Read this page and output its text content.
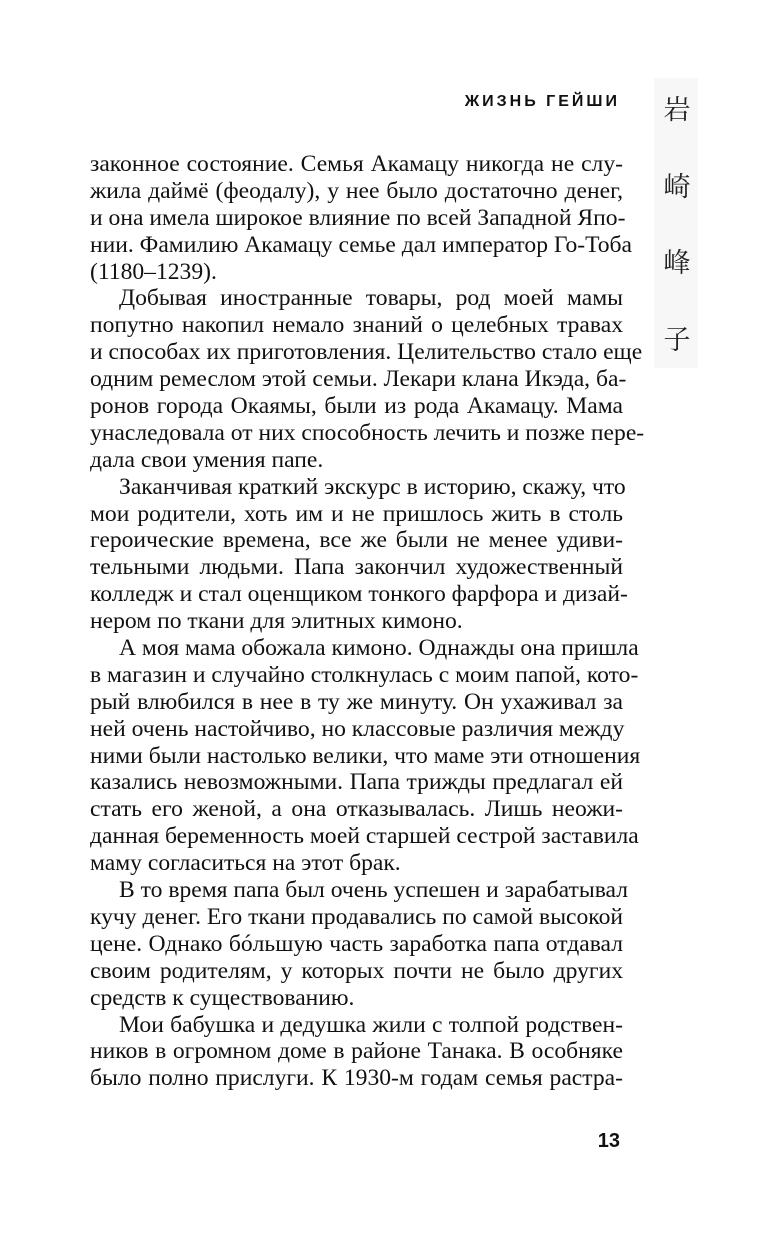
ЖИЗНЬ ГЕЙШИ 岩
崎
峰
子
законное состояние. Семья Акамацу никогда не слу-
жила даймё (феодалу), у нее было достаточно денег,
и она имела широкое влияние по всей Западной Япо-
нии. Фамилию Акамацу семье дал император Го-Тоба
(1180–1239).
Добывая иностранные товары, род моей мамы
попутно накопил немало знаний о целебных травах
и способах их приготовления. Целительство стало еще
одним ремеслом этой семьи. Лекари клана Икэда, ба-
ронов города Окаямы, были из рода Акамацу. Мама
унаследовала от них способность лечить и позже пере-
дала свои умения папе.
Заканчивая краткий экскурс в историю, скажу, что
мои родители, хоть им и не пришлось жить в столь
героические времена, все же были не менее удиви-
тельными людьми. Папа закончил художественный
колледж и стал оценщиком тонкого фарфора и дизай-
нером по ткани для элитных кимоно.
А моя мама обожала кимоно. Однажды она пришла
в магазин и случайно столкнулась с моим папой, кото-
рый влюбился в нее в ту же минуту. Он ухаживал за
ней очень настойчиво, но классовые различия между
ними были настолько велики, что маме эти отношения
казались невозможными. Папа трижды предлагал ей
стать его женой, а она отказывалась. Лишь неожи-
данная беременность моей старшей сестрой заставила
маму согласиться на этот брак.
В то время папа был очень успешен и зарабатывал
кучу денег. Его ткани продавались по самой высокой
цене. Однако бóльшую часть заработка папа отдавал
своим родителям, у которых почти не было других
средств к существованию.
Мои бабушка и дедушка жили с толпой родствен-
ников в огромном доме в районе Танака. В особняке
было полно прислуги. К 1930-м годам семья растра-
13
